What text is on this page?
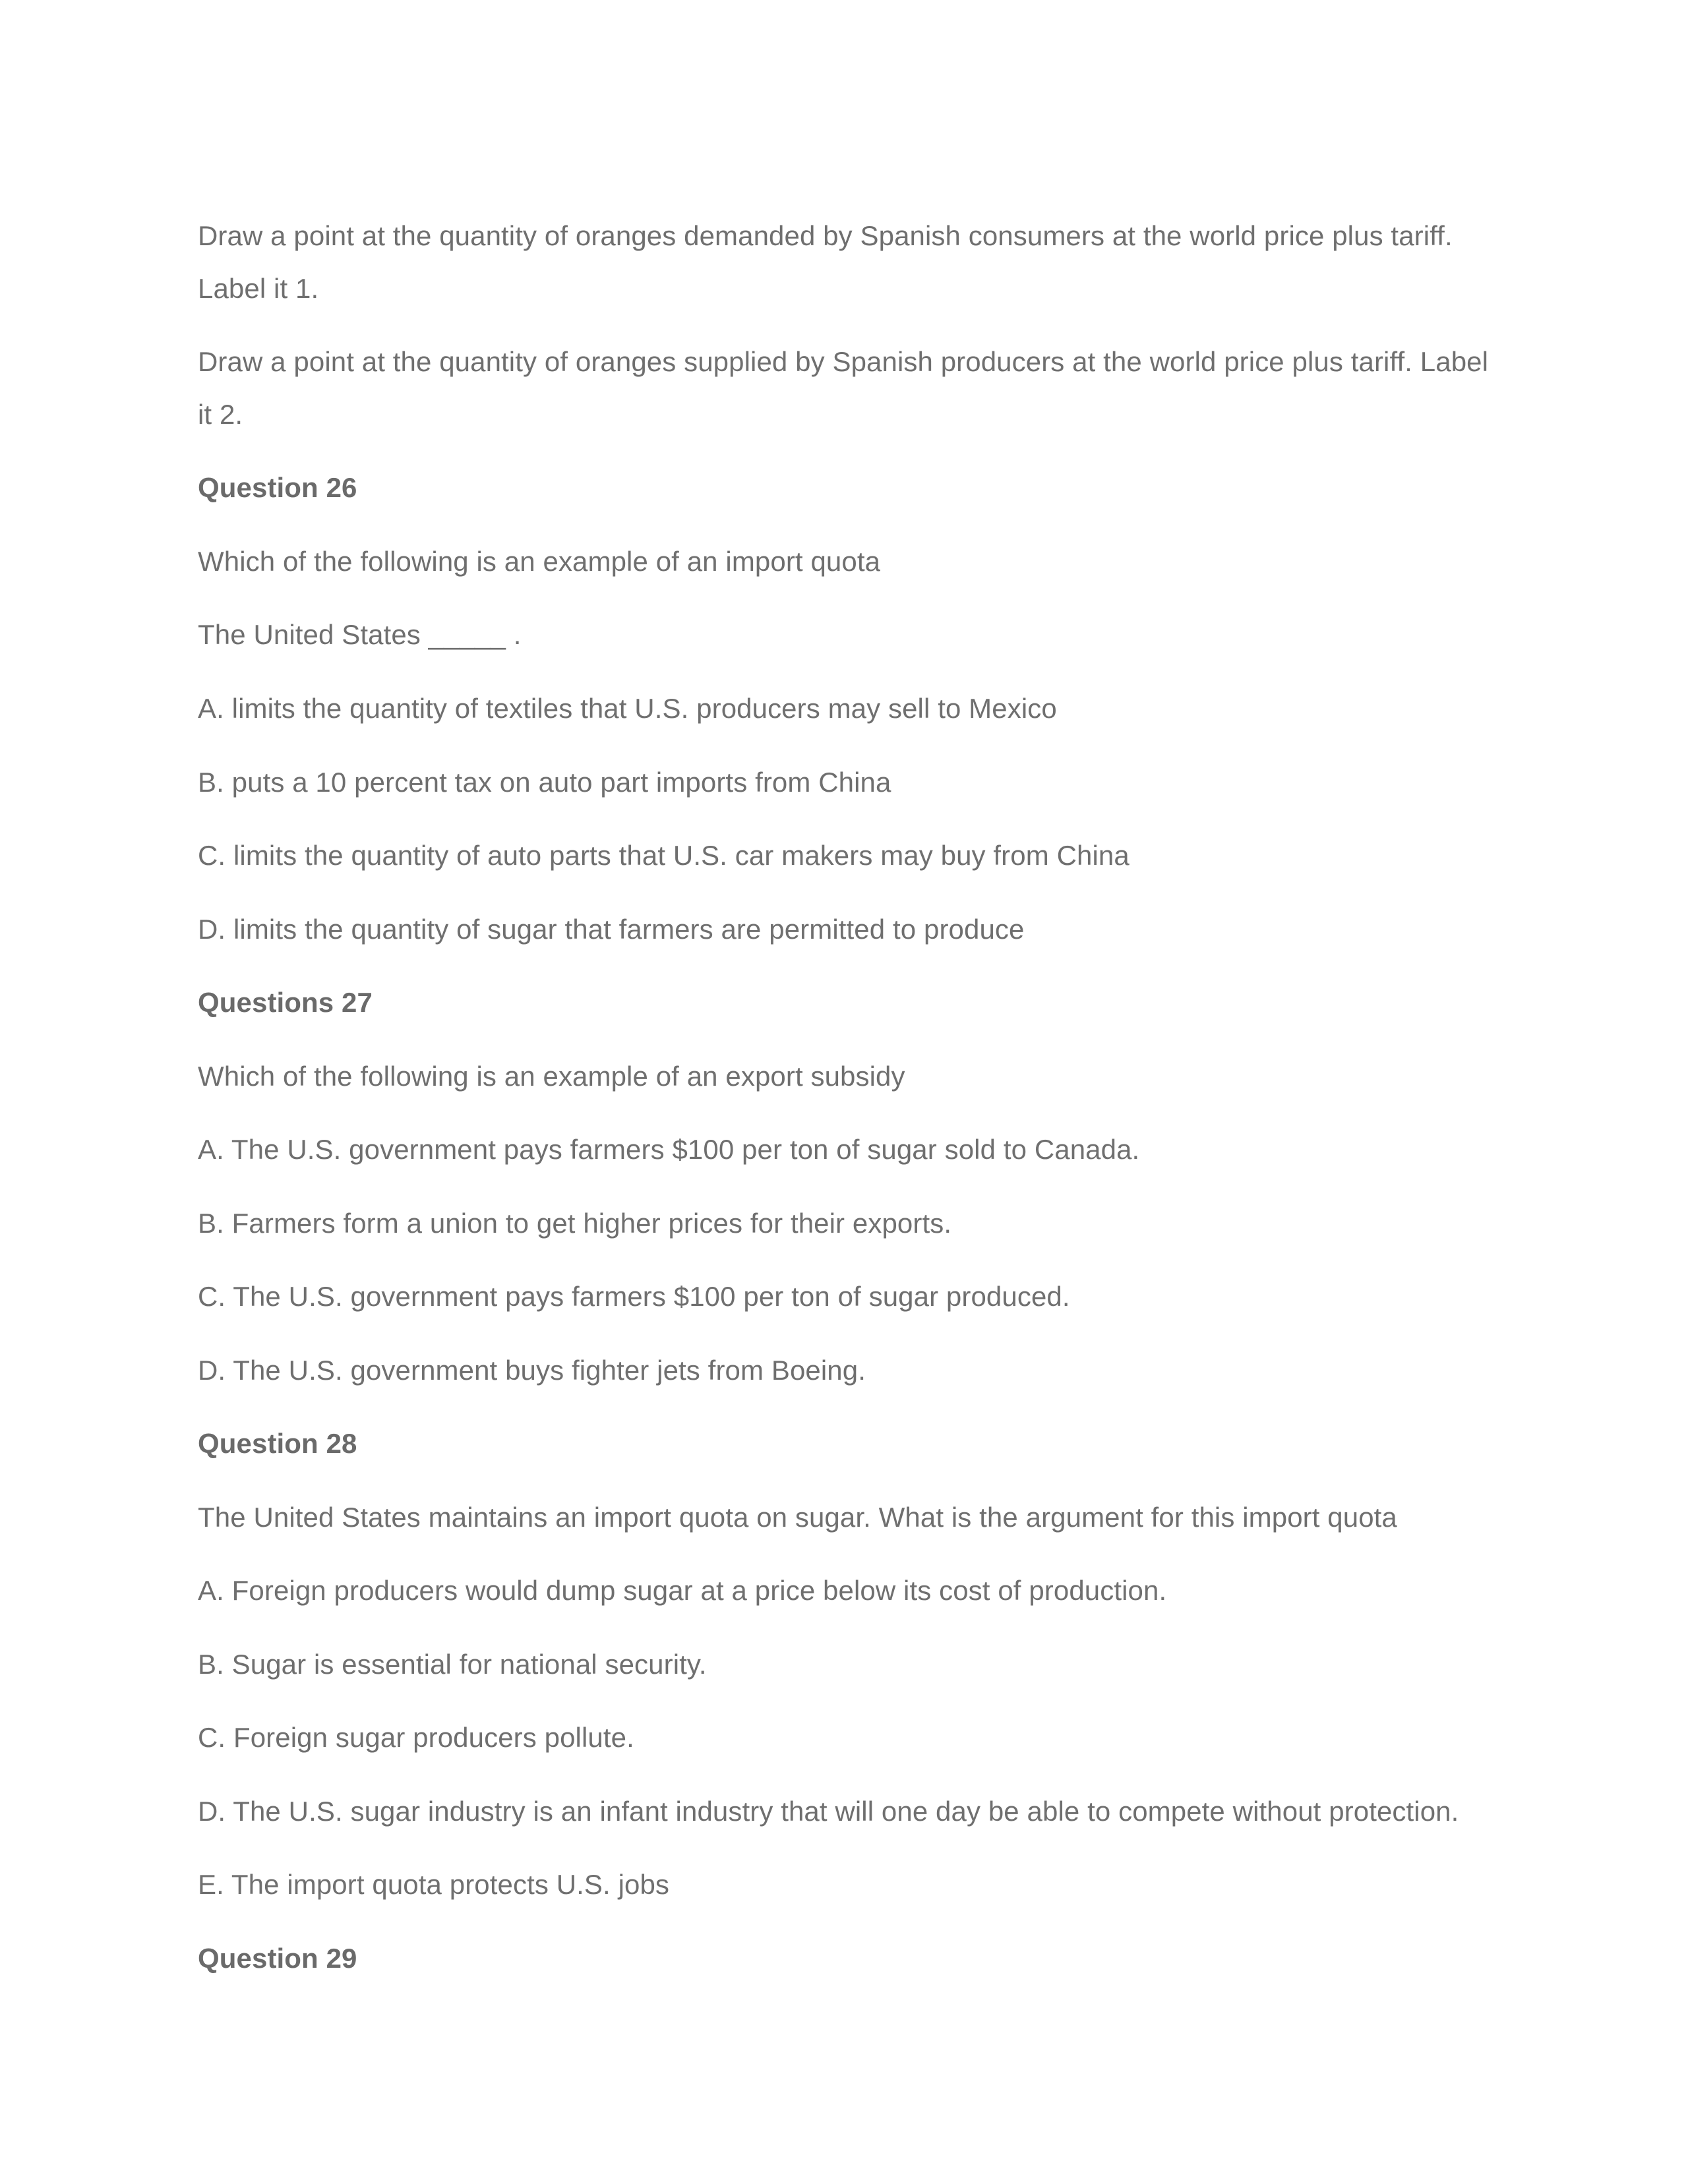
Draw a point at the quantity of oranges demanded by Spanish consumers at the world price plus tariff.

Label it 1.

Draw a point at the quantity of oranges supplied by Spanish producers at the world price plus tariff. Label

it 2.

Question 26

Which of the following is an example of an import quota

The United States _____ .

A. limits the quantity of textiles that U.S. producers may sell to Mexico

B. puts a 10 percent tax on auto part imports from China

C. limits the quantity of auto parts that U.S. car makers may buy from China

D. limits the quantity of sugar that farmers are permitted to produce

Questions 27

Which of the following is an example of an export subsidy

A. The U.S. government pays farmers $100 per ton of sugar sold to Canada.

B. Farmers form a union to get higher prices for their exports.

C. The U.S. government pays farmers $100 per ton of sugar produced.

D. The U.S. government buys fighter jets from Boeing.

Question 28

The United States maintains an import quota on sugar. What is the argument for this import quota

A. Foreign producers would dump sugar at a price below its cost of production.

B. Sugar is essential for national security.

C. Foreign sugar producers pollute.

D. The U.S. sugar industry is an infant industry that will one day be able to compete without protection.

E. The import quota protects U.S. jobs

Question 29
